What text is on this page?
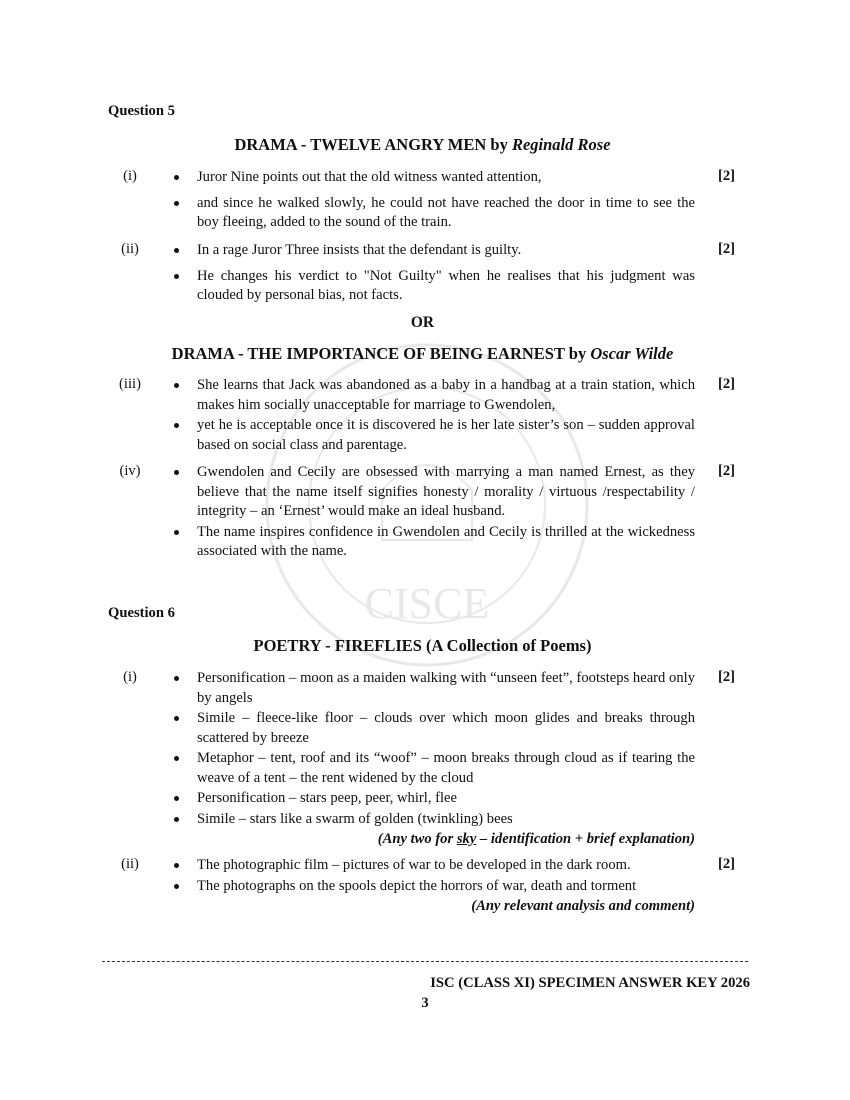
CISCE
Question 5
DRAMA - TWELVE ANGRY MEN by Reginald Rose
(i)	Juror Nine points out that the old witness wanted attention,
and since he walked slowly, he could not have reached the door in time to see the boy fleeing, added to the sound of the train.
[2]
(ii)	In a rage Juror Three insists that the defendant is guilty.
He changes his verdict to "Not Guilty" when he realises that his judgment was clouded by personal bias, not facts.
[2]
OR
DRAMA - THE IMPORTANCE OF BEING EARNEST by Oscar Wilde
(iii)	She learns that Jack was abandoned as a baby in a handbag at a train station, which makes him socially unacceptable for marriage to Gwendolen,
yet he is acceptable once it is discovered he is her late sister’s son – sudden approval based on social class and parentage.
[2]
(iv)	Gwendolen and Cecily are obsessed with marrying a man named Ernest, as they believe that the name itself signifies honesty / morality / virtuous /respectability / integrity – an ‘Ernest’ would make an ideal husband.
The name inspires confidence in Gwendolen and Cecily is thrilled at the wickedness associated with the name.
[2]
Question 6
POETRY - FIREFLIES (A Collection of Poems)
(i)	Personification – moon as a maiden walking with “unseen feet”, footsteps heard only by angels
Simile – fleece-like floor – clouds over which moon glides and breaks through scattered by breeze
Metaphor – tent, roof and its “woof” – moon breaks through cloud as if tearing the weave of a tent – the rent widened by the cloud
Personification – stars peep, peer, whirl, flee
Simile – stars like a swarm of golden (twinkling) bees
(Any two for sky – identification + brief explanation)
[2]
(ii)	The photographic film – pictures of war to be developed in the dark room.
The photographs on the spools depict the horrors of war, death and torment
(Any relevant analysis and comment)
[2]
ISC (CLASS XI) SPECIMEN ANSWER KEY 2026
3
